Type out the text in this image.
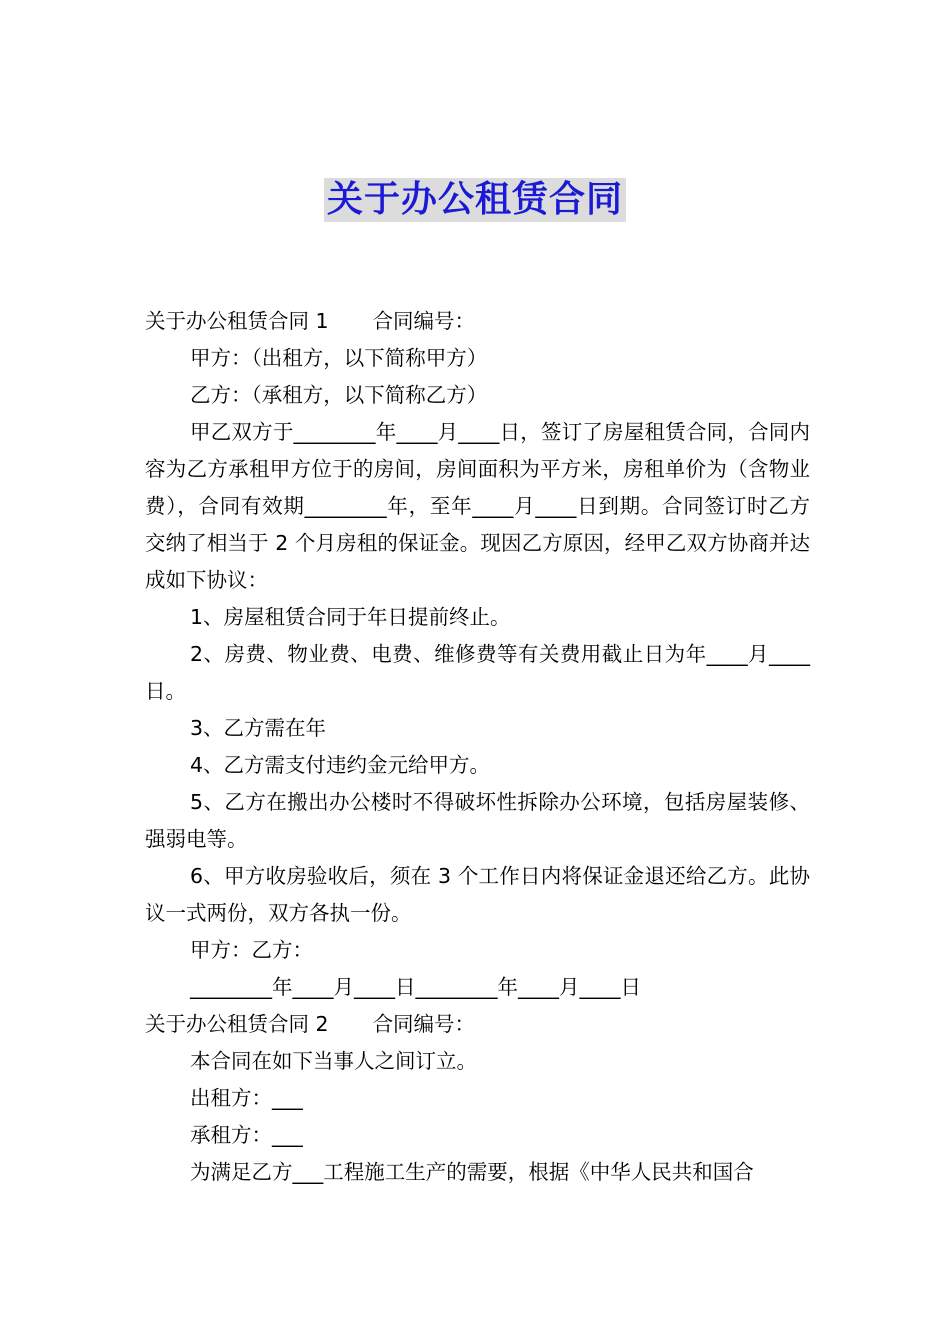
关于办公租赁合同

关于办公租赁合同 1 合同编号：

甲方：（出租方，以下简称甲方）

乙方：（承租方，以下简称乙方）

甲乙双方于________年____月____日，签订了房屋租赁合同，合同内容为乙方承租甲方位于的房间，房间面积为平方米，房租单价为（含物业费），合同有效期________年，至年____月____日到期。合同签订时乙方交纳了相当于 2 个月房租的保证金。现因乙方原因，经甲乙双方协商并达成如下协议：

1、房屋租赁合同于年日提前终止。

2、房费、物业费、电费、维修费等有关费用截止日为年____月____日。

3、乙方需在年

4、乙方需支付违约金元给甲方。

5、乙方在搬出办公楼时不得破坏性拆除办公环境，包括房屋装修、强弱电等。

6、甲方收房验收后，须在 3 个工作日内将保证金退还给乙方。此协议一式两份，双方各执一份。

甲方：乙方：

________年____月____日________年____月____日

关于办公租赁合同 2 合同编号：

本合同在如下当事人之间订立。

出租方：___

承租方：___

为满足乙方___工程施工生产的需要，根据《中华人民共和国合
